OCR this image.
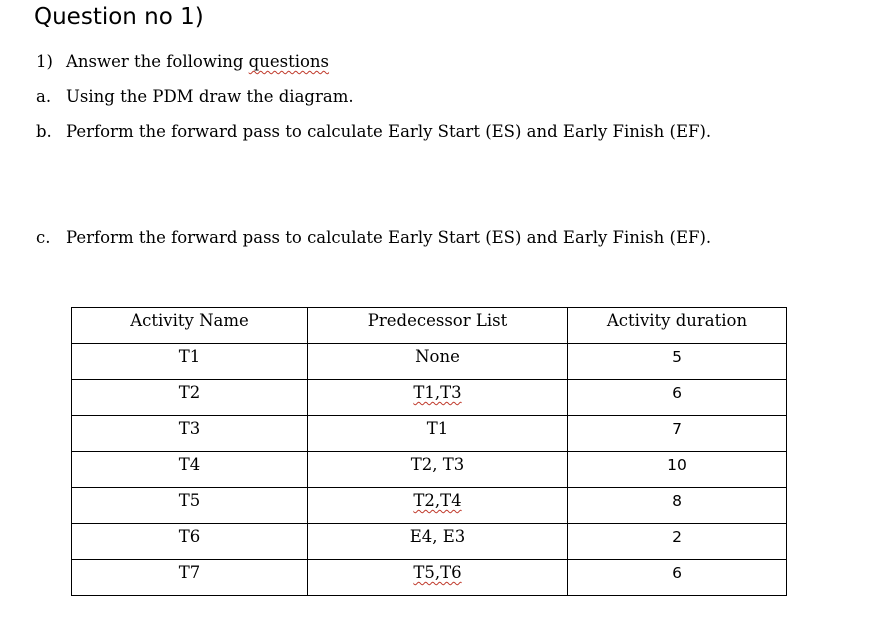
Question no 1)
1) Answer the following questions
a. Using the PDM draw the diagram.
b. Perform the forward pass to calculate Early Start (ES) and Early Finish (EF).
c. Perform the forward pass to calculate Early Start (ES) and Early Finish (EF).
Activity Name	Predecessor List	Activity duration
T1	None	5
T2	T1,T3	6
T3	T1	7
T4	T2, T3	10
T5	T2,T4	8
T6	E4, E3	2
T7	T5,T6	6
